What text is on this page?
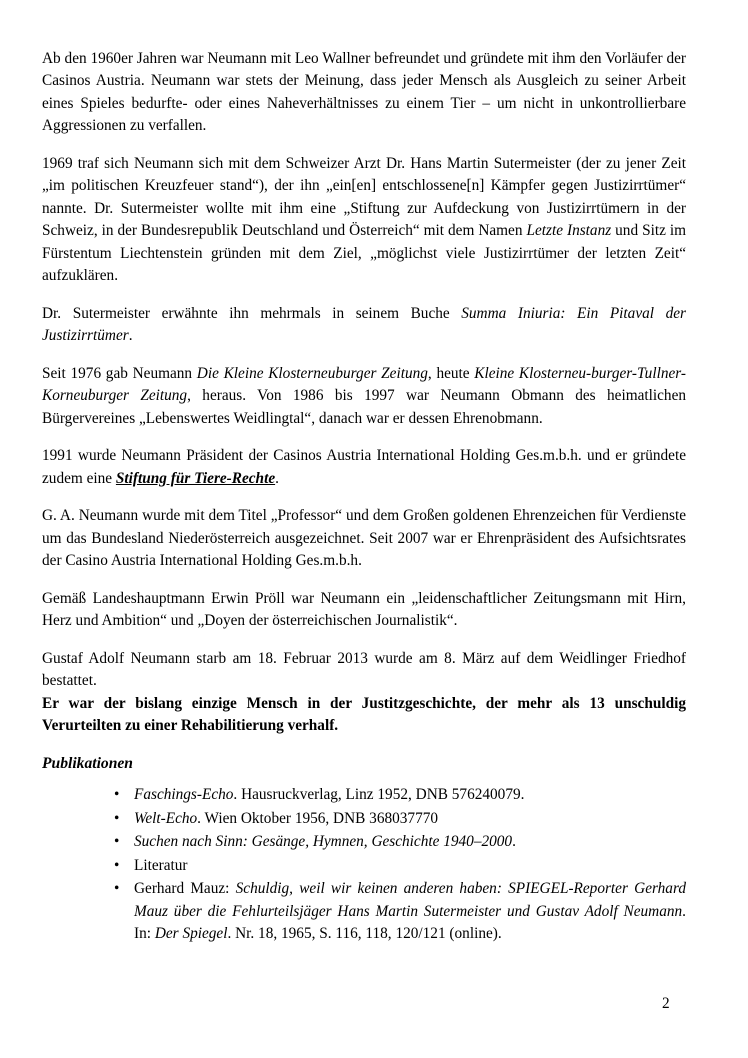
Ab den 1960er Jahren war Neumann mit Leo Wallner befreundet und gründete mit ihm den Vorläufer der Casinos Austria. Neumann war stets der Meinung, dass jeder Mensch als Ausgleich zu seiner Arbeit eines Spieles bedurfte- oder eines Naheverhältnisses zu einem Tier – um nicht in unkontrollierbare Aggressionen zu verfallen.

1969 traf sich Neumann sich mit dem Schweizer Arzt Dr. Hans Martin Sutermeister (der zu jener Zeit „im politischen Kreuzfeuer stand“), der ihn „ein[en] entschlossene[n] Kämpfer gegen Justizirrtümer“ nannte. Dr. Sutermeister wollte mit ihm eine „Stiftung zur Aufdeckung von Justizirrtümern in der Schweiz, in der Bundesrepublik Deutschland und Österreich“ mit dem Namen Letzte Instanz und Sitz im Fürstentum Liechtenstein gründen mit dem Ziel, „möglichst viele Justizirrtümer der letzten Zeit“ aufzuklären.

Dr. Sutermeister erwähnte ihn mehrmals in seinem Buche Summa Iniuria: Ein Pitaval der Justizirrtümer.

Seit 1976 gab Neumann Die Kleine Klosterneuburger Zeitung, heute Kleine Klosterneu-burger-Tullner-Korneuburger Zeitung, heraus. Von 1986 bis 1997 war Neumann Obmann des heimatlichen Bürgervereines „Lebenswertes Weidlingtal“, danach war er dessen Ehrenobmann.

1991 wurde Neumann Präsident der Casinos Austria International Holding Ges.m.b.h. und er gründete zudem eine Stiftung für Tiere-Rechte.

G. A. Neumann wurde mit dem Titel „Professor“ und dem Großen goldenen Ehrenzeichen für Verdienste um das Bundesland Niederösterreich ausgezeichnet. Seit 2007 war er Ehrenpräsident des Aufsichtsrates der Casino Austria International Holding Ges.m.b.h.

Gemäß Landeshauptmann Erwin Pröll war Neumann ein „leidenschaftlicher Zeitungsmann mit Hirn, Herz und Ambition“ und „Doyen der österreichischen Journalistik“.

Gustaf Adolf Neumann starb am 18. Februar 2013 wurde am 8. März auf dem Weidlinger Friedhof bestattet.

Er war der bislang einzige Mensch in der Justitzgeschichte, der mehr als 13 unschuldig Verurteilten zu einer Rehabilitierung verhalf.

Publikationen

• Faschings-Echo. Hausruckverlag, Linz 1952, DNB 576240079.
• Welt-Echo. Wien Oktober 1956, DNB 368037770
• Suchen nach Sinn: Gesänge, Hymnen, Geschichte 1940–2000.
• Literatur
• Gerhard Mauz: Schuldig, weil wir keinen anderen haben: SPIEGEL-Reporter Gerhard Mauz über die Fehlurteilsjäger Hans Martin Sutermeister und Gustav Adolf Neumann. In: Der Spiegel. Nr. 18, 1965, S. 116, 118, 120/121 (online).
2
